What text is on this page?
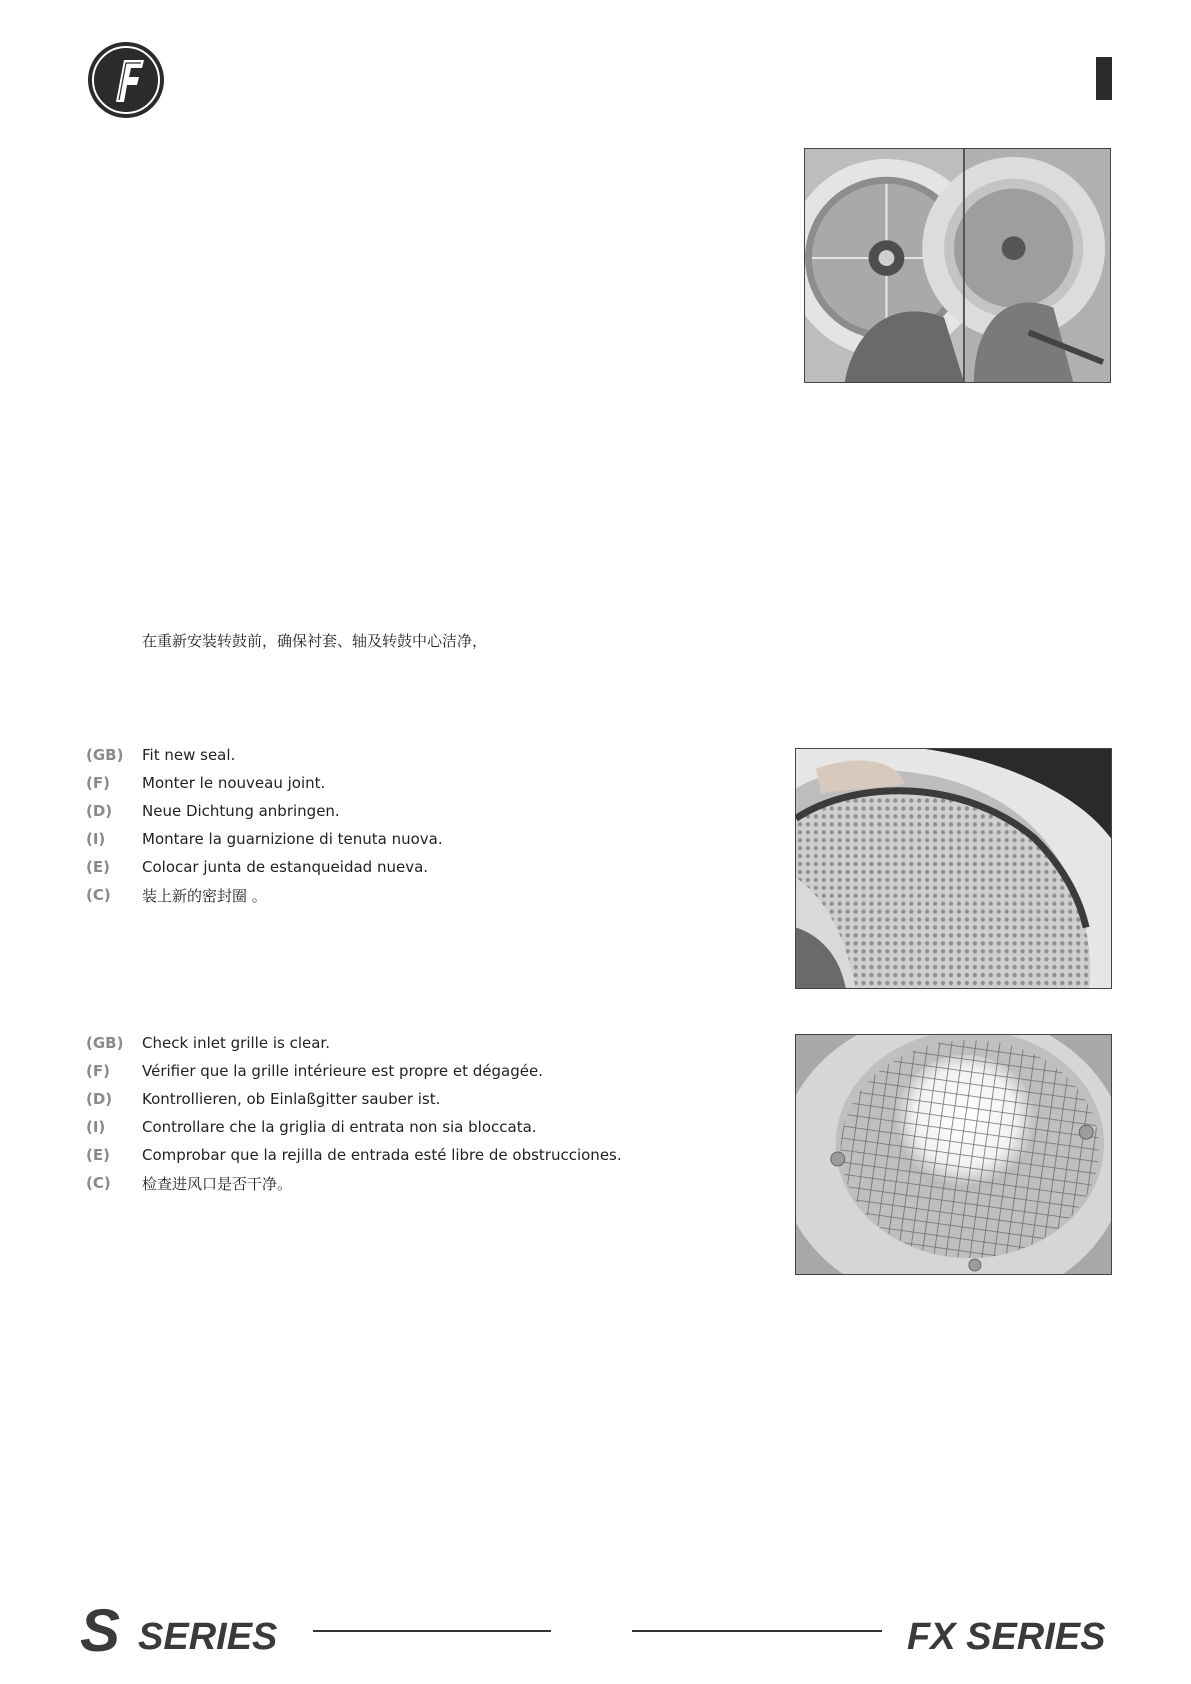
在重新安装转鼓前，确保衬套、轴及转鼓中心洁净，
(GB)	Fit new seal.
(F)	Monter le nouveau joint.
(D)	Neue Dichtung anbringen.
(I)	Montare la guarnizione di tenuta nuova.
(E)	Colocar junta de estanqueidad nueva.
(C)	装上新的密封圈 。
(GB)	Check inlet grille is clear.
(F)	Vérifier que la grille intérieure est propre et dégagée.
(D)	Kontrollieren, ob Einlaßgitter sauber ist.
(I)	Controllare che la griglia di entrata non sia bloccata.
(E)	Comprobar que la rejilla de entrada esté libre de obstrucciones.
(C)	检查进风口是否干净。
S SERIES	FX SERIES
